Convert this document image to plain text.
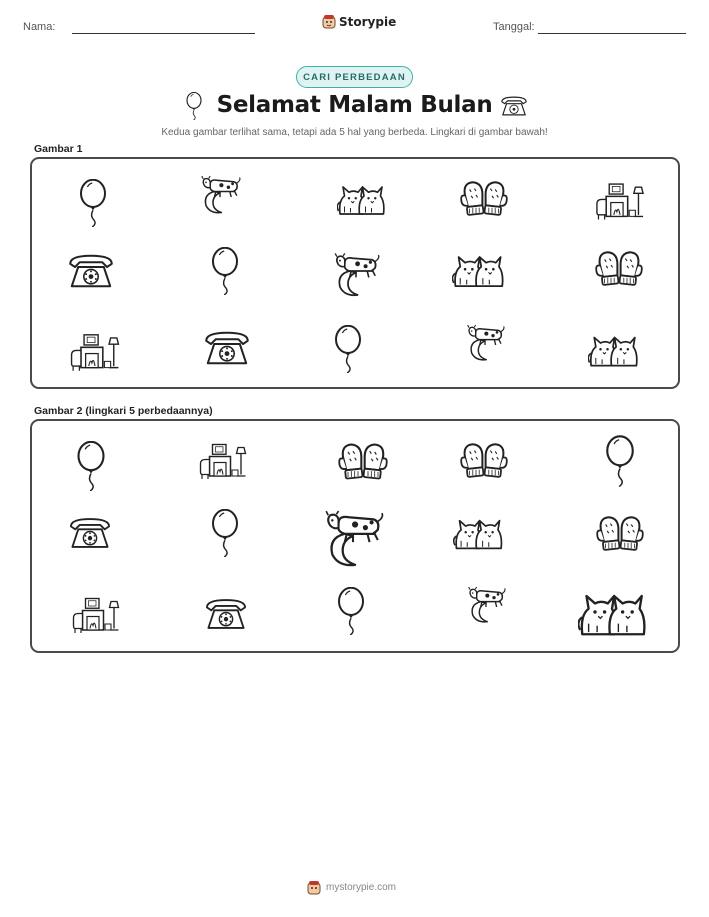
Nama:	Storypie	Tanggal:
CARI PERBEDAAN
Selamat Malam Bulan
Kedua gambar terlihat sama, tetapi ada 5 hal yang berbeda. Lingkari di gambar bawah!
Gambar 1
Gambar 2 (lingkari 5 perbedaannya)
mystorypie.com
